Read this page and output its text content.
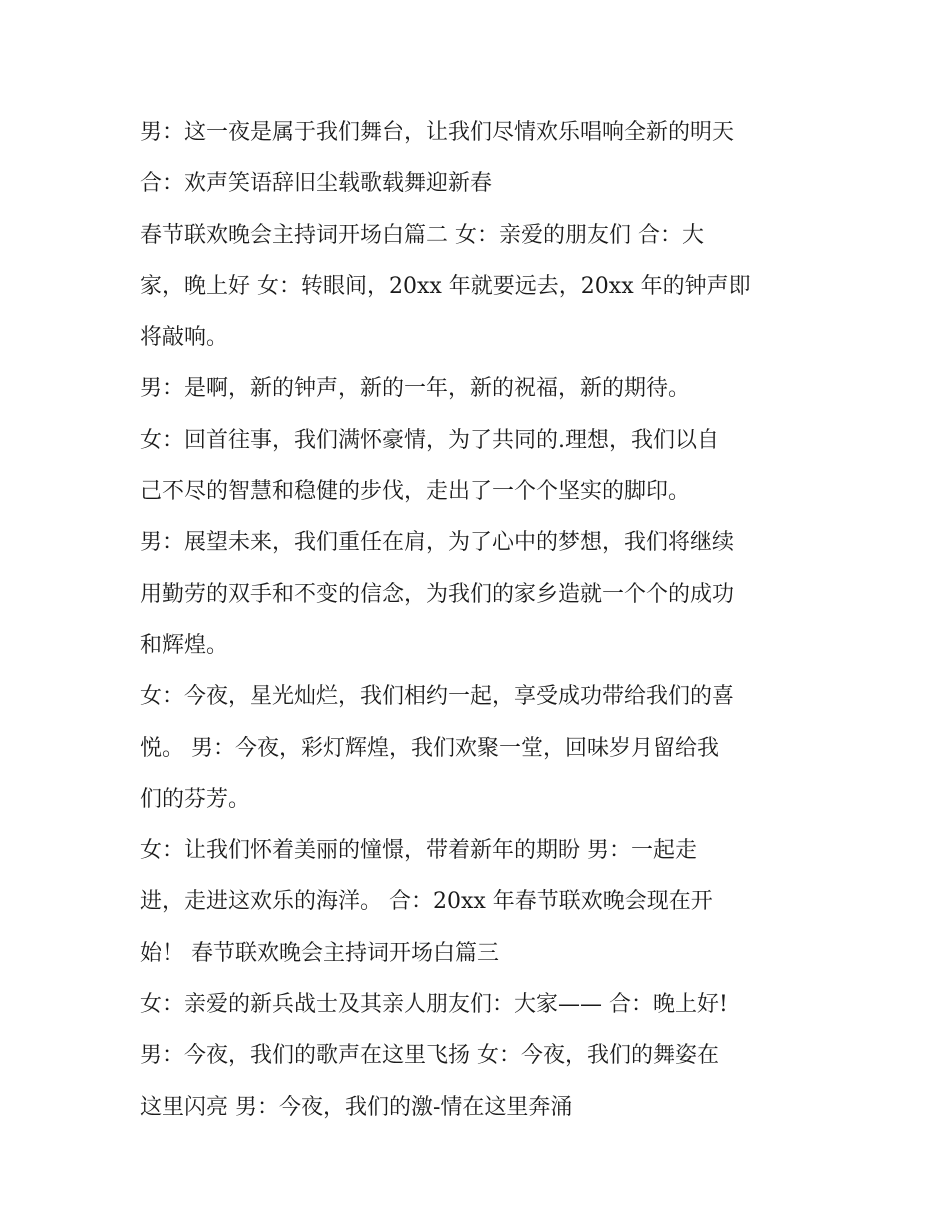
男：这一夜是属于我们舞台，让我们尽情欢乐唱响全新的明天
合：欢声笑语辞旧尘载歌载舞迎新春
春节联欢晚会主持词开场白篇二 女：亲爱的朋友们 合：大
家，晚上好 女：转眼间，20xx 年就要远去，20xx 年的钟声即
将敲响。
男：是啊，新的钟声，新的一年，新的祝福，新的期待。
女：回首往事，我们满怀豪情，为了共同的.理想，我们以自
己不尽的智慧和稳健的步伐，走出了一个个坚实的脚印。
男：展望未来，我们重任在肩，为了心中的梦想，我们将继续
用勤劳的双手和不变的信念，为我们的家乡造就一个个的成功
和辉煌。
女：今夜，星光灿烂，我们相约一起，享受成功带给我们的喜
悦。 男：今夜，彩灯辉煌，我们欢聚一堂，回味岁月留给我
们的芬芳。
女：让我们怀着美丽的憧憬，带着新年的期盼 男：一起走
进，走进这欢乐的海洋。 合：20xx 年春节联欢晚会现在开
始！ 春节联欢晚会主持词开场白篇三
女：亲爱的新兵战士及其亲人朋友们：大家—— 合：晚上好!
男：今夜，我们的歌声在这里飞扬 女：今夜，我们的舞姿在
这里闪亮 男：今夜，我们的激-情在这里奔涌
